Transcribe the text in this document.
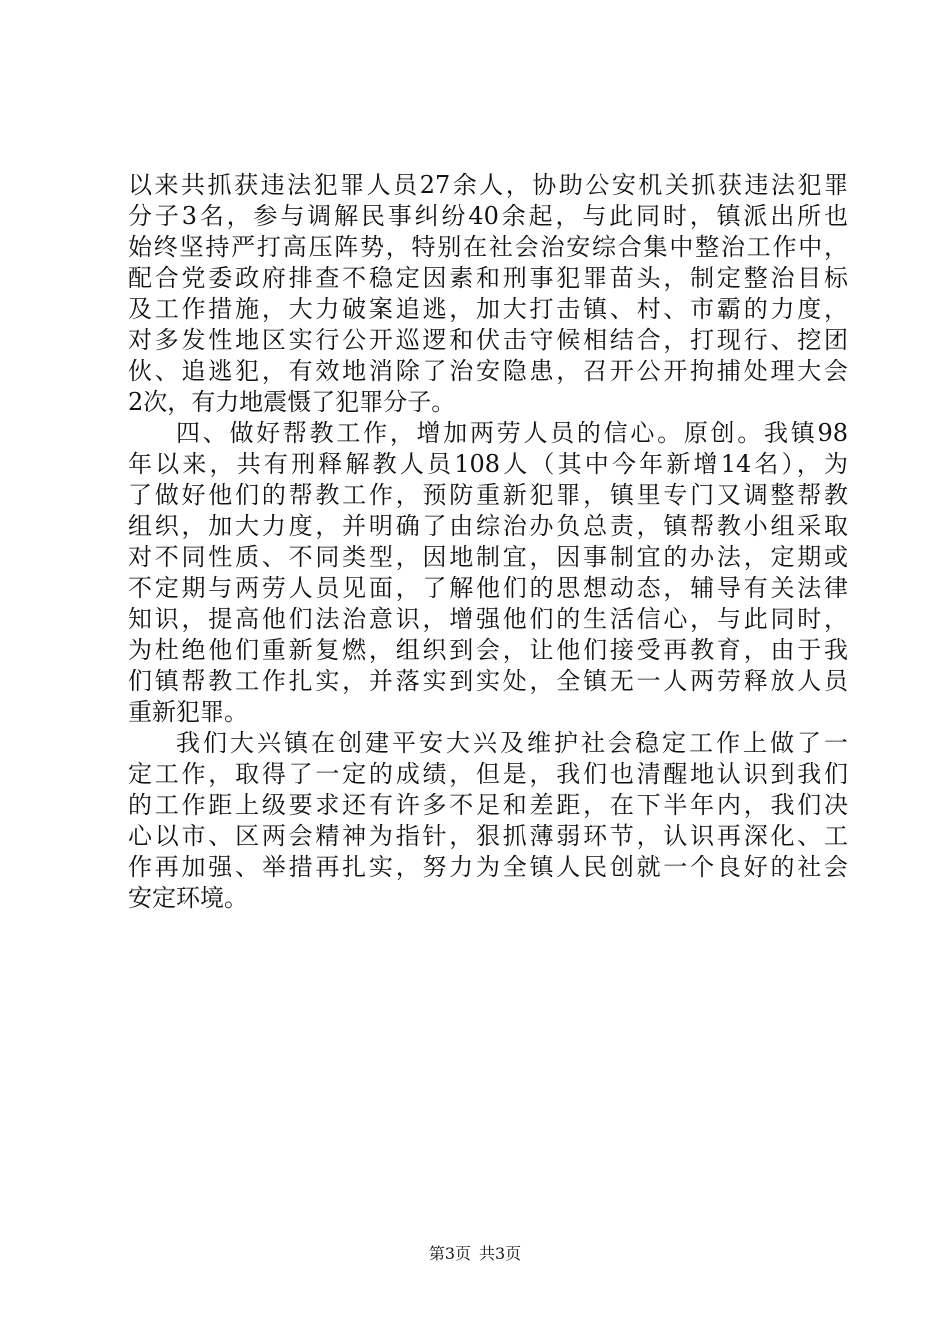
以来共抓获违法犯罪人员27余人，协助公安机关抓获违法犯罪
分子3名，参与调解民事纠纷40余起，与此同时，镇派出所也
始终坚持严打高压阵势，特别在社会治安综合集中整治工作中，
配合党委政府排查不稳定因素和刑事犯罪苗头，制定整治目标
及工作措施，大力破案追逃，加大打击镇、村、市霸的力度，
对多发性地区实行公开巡逻和伏击守候相结合，打现行、挖团
伙、追逃犯，有效地消除了治安隐患，召开公开拘捕处理大会
2次，有力地震慑了犯罪分子。
四、做好帮教工作，增加两劳人员的信心。原创。我镇98
年以来，共有刑释解教人员108人（其中今年新增14名），为
了做好他们的帮教工作，预防重新犯罪，镇里专门又调整帮教
组织，加大力度，并明确了由综治办负总责，镇帮教小组采取
对不同性质、不同类型，因地制宜，因事制宜的办法，定期或
不定期与两劳人员见面，了解他们的思想动态，辅导有关法律
知识，提高他们法治意识，增强他们的生活信心，与此同时，
为杜绝他们重新复燃，组织到会，让他们接受再教育，由于我
们镇帮教工作扎实，并落实到实处，全镇无一人两劳释放人员
重新犯罪。
我们大兴镇在创建平安大兴及维护社会稳定工作上做了一
定工作，取得了一定的成绩，但是，我们也清醒地认识到我们
的工作距上级要求还有许多不足和差距，在下半年内，我们决
心以市、区两会精神为指针，狠抓薄弱环节，认识再深化、工
作再加强、举措再扎实，努力为全镇人民创就一个良好的社会
安定环境。
第3页 共3页
